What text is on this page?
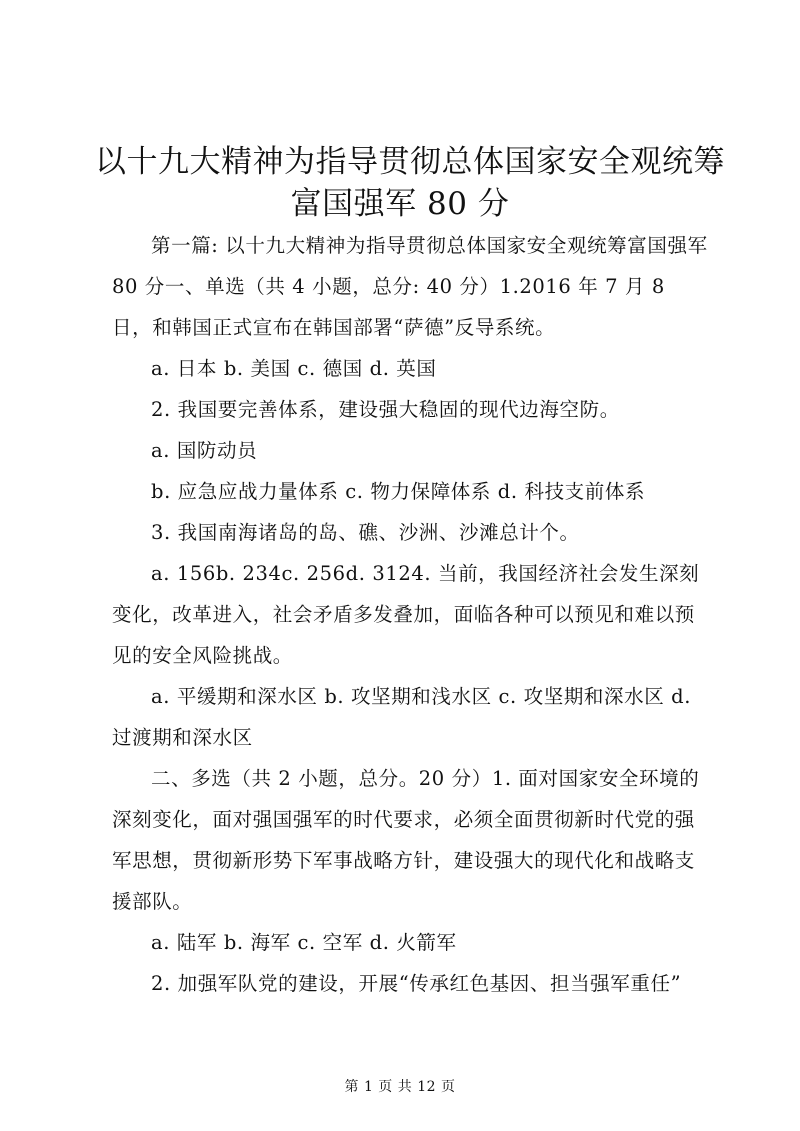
以十九大精神为指导贯彻总体国家安全观统筹
富国强军 80 分

第一篇: 以十九大精神为指导贯彻总体国家安全观统筹富国强军 80 分一、单选（共 4 小题，总分: 40 分）1.2016 年 7 月 8 日，和韩国正式宣布在韩国部署“萨德”反导系统。

a. 日本 b. 美国 c. 德国 d. 英国

2. 我国要完善体系，建设强大稳固的现代边海空防。

a. 国防动员

b. 应急应战力量体系 c. 物力保障体系 d. 科技支前体系

3. 我国南海诸岛的岛、礁、沙洲、沙滩总计个。

a. 156b. 234c. 256d. 3124. 当前，我国经济社会发生深刻变化，改革进入，社会矛盾多发叠加，面临各种可以预见和难以预见的安全风险挑战。

a. 平缓期和深水区 b. 攻坚期和浅水区 c. 攻坚期和深水区 d. 过渡期和深水区

二、多选（共 2 小题，总分。20 分）1. 面对国家安全环境的深刻变化，面对强国强军的时代要求，必须全面贯彻新时代党的强军思想，贯彻新形势下军事战略方针，建设强大的现代化和战略支援部队。

a. 陆军 b. 海军 c. 空军 d. 火箭军

2. 加强军队党的建设，开展“传承红色基因、担当强军重任”

第 1 页 共 12 页
